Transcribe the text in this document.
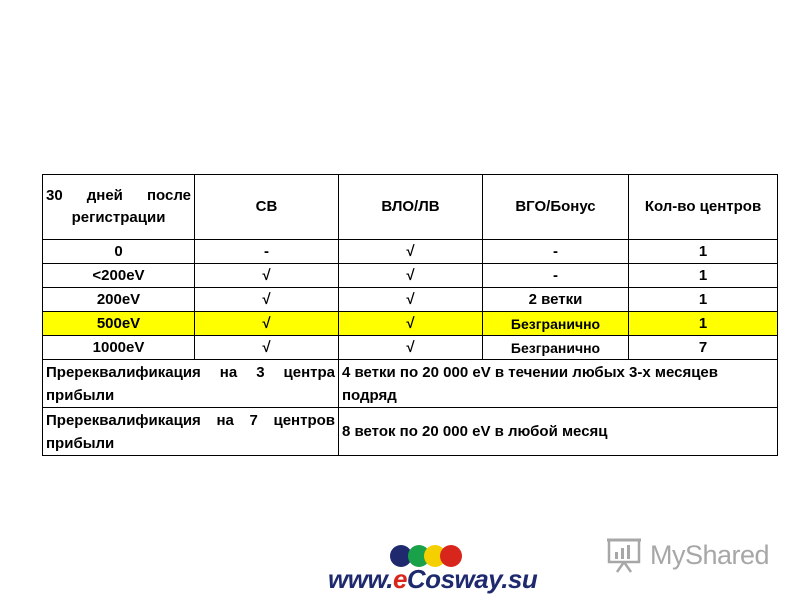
30 дней после регистрации	СВ	ВЛО/ЛВ	ВГО/Бонус	Кол-во центров
0	-	√	-	1
<200eV	√	√	-	1
200eV	√	√	2 ветки	1
500eV	√	√	Безгранично	1
1000eV	√	√	Безгранично	7
Пререквалификация на 3 центра прибыли		4 ветки по 20 000 eV в течении любых 3-х месяцев подряд		
Пререквалификация на 7 центров прибыли		8 веток по 20 000 eV в любой месяц		
www.eCosway.su
MyShared
